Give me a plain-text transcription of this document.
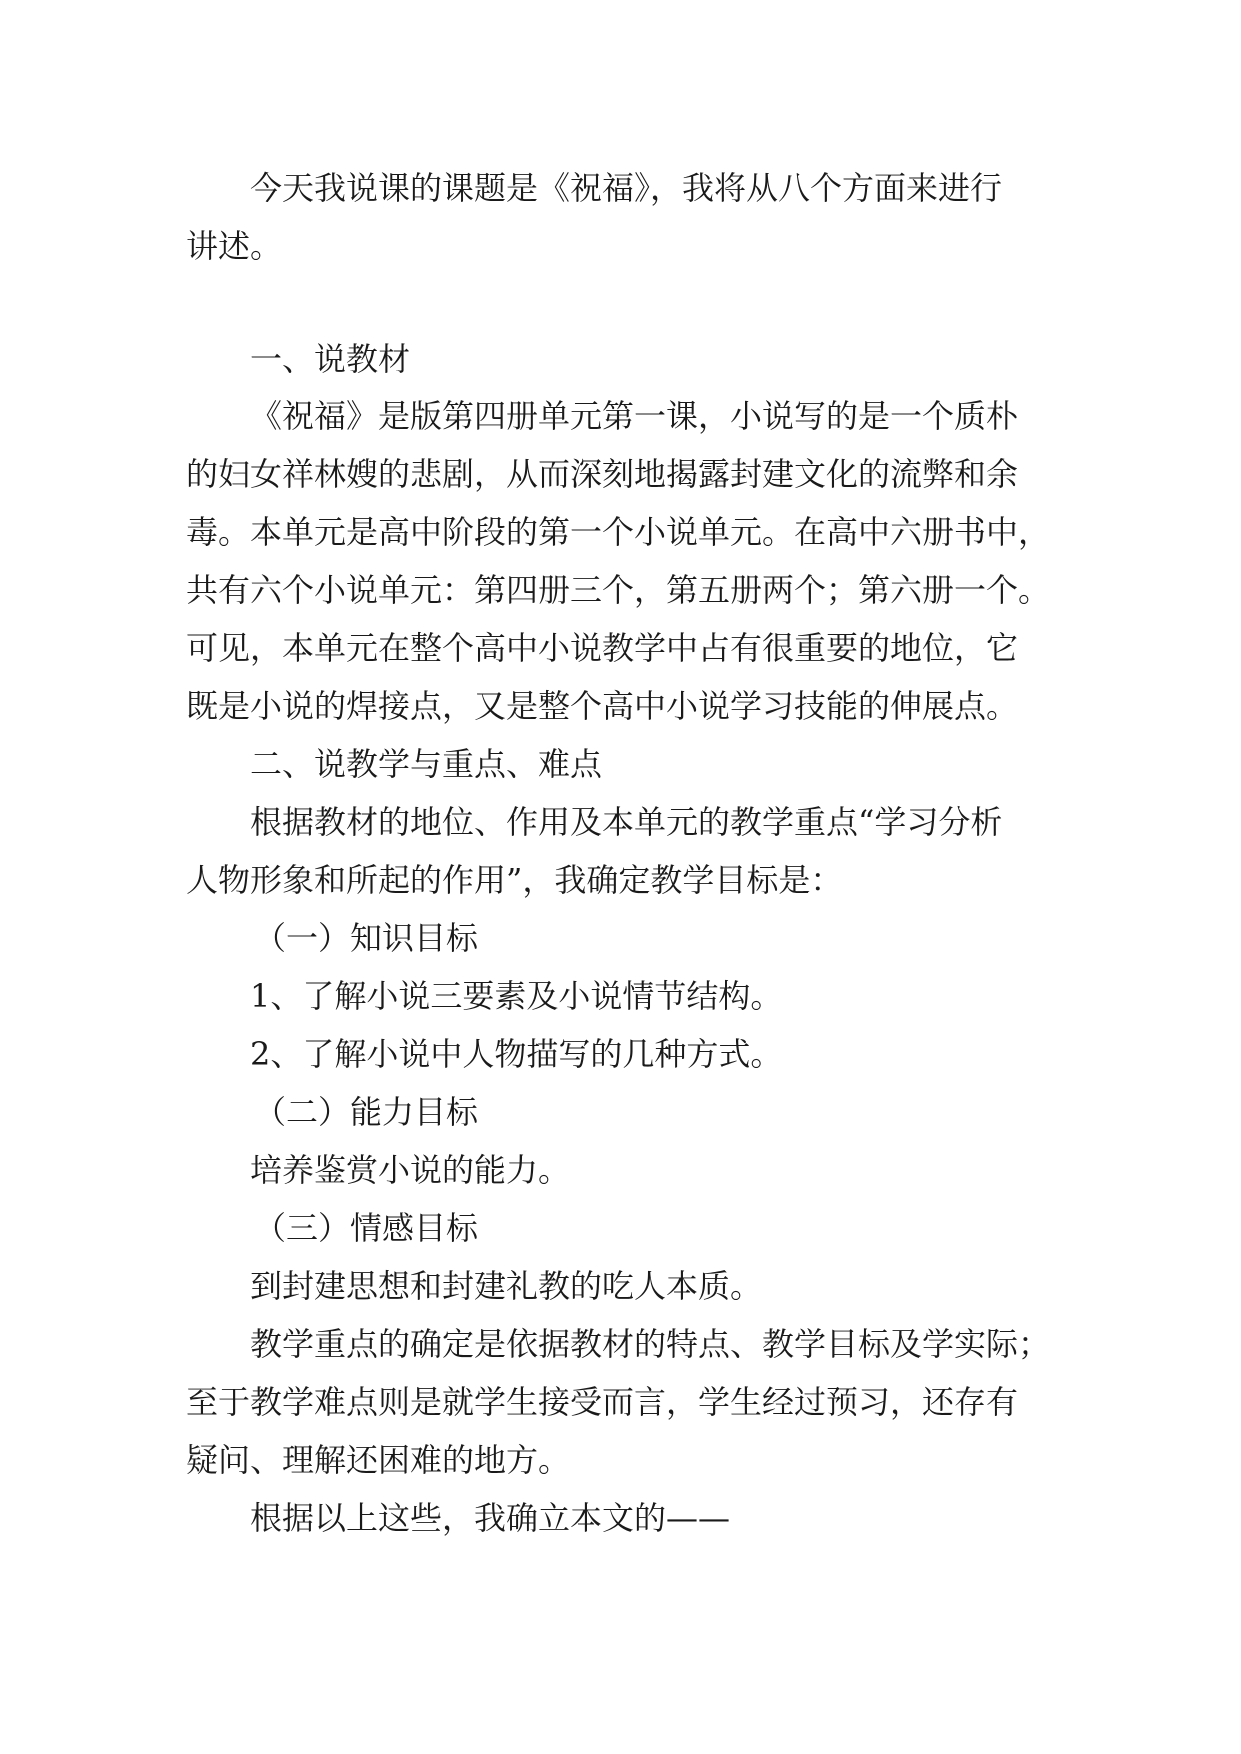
今天我说课的课题是《祝福》，我将从八个方面来进行
讲述。
一、说教材
《祝福》是版第四册单元第一课，小说写的是一个质朴
的妇女祥林嫂的悲剧，从而深刻地揭露封建文化的流弊和余
毒。本单元是高中阶段的第一个小说单元。在高中六册书中，
共有六个小说单元：第四册三个，第五册两个；第六册一个。
可见，本单元在整个高中小说教学中占有很重要的地位，它
既是小说的焊接点，又是整个高中小说学习技能的伸展点。
二、说教学与重点、难点
根据教材的地位、作用及本单元的教学重点“学习分析
人物形象和所起的作用”，我确定教学目标是：
（一）知识目标
1、了解小说三要素及小说情节结构。
2、了解小说中人物描写的几种方式。
（二）能力目标
培养鉴赏小说的能力。
（三）情感目标
到封建思想和封建礼教的吃人本质。
教学重点的确定是依据教材的特点、教学目标及学实际；
至于教学难点则是就学生接受而言，学生经过预习，还存有
疑问、理解还困难的地方。
根据以上这些，我确立本文的——
